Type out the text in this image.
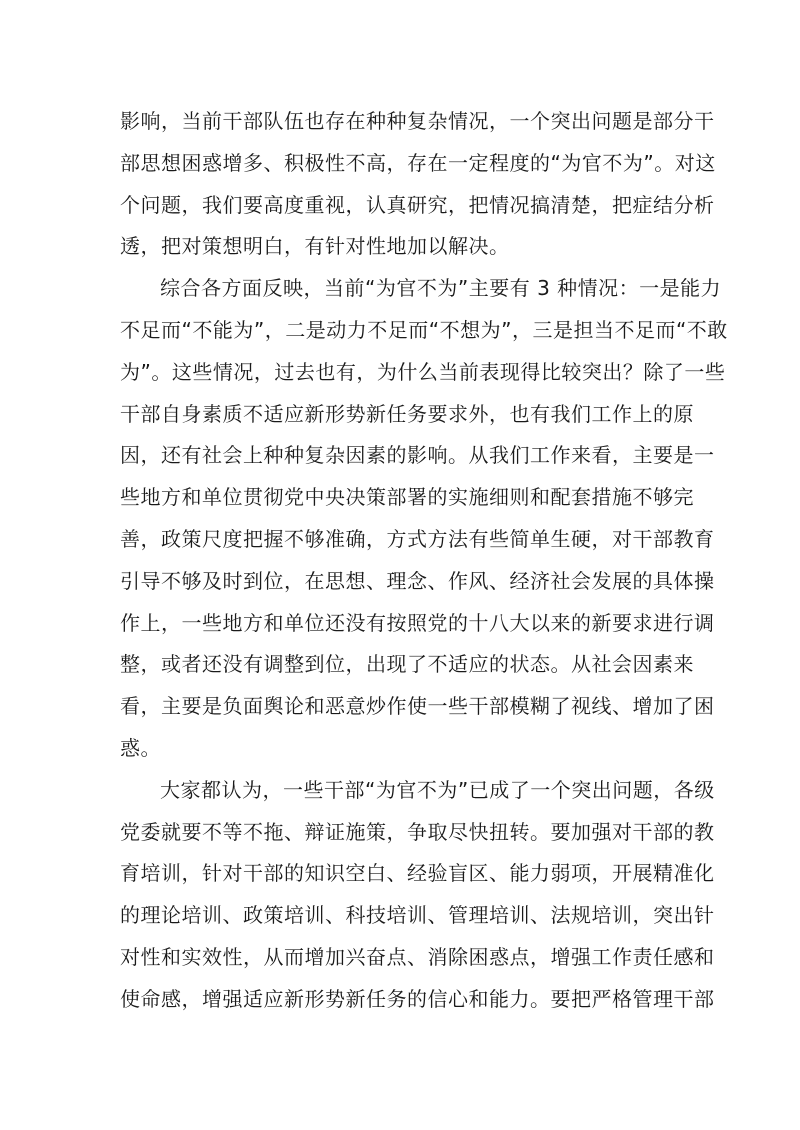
影响，当前干部队伍也存在种种复杂情况，一个突出问题是部分干
部思想困惑增多、积极性不高，存在一定程度的“为官不为”。对这
个问题，我们要高度重视，认真研究，把情况搞清楚，把症结分析
透，把对策想明白，有针对性地加以解决。
综合各方面反映，当前“为官不为”主要有 3 种情况：一是能力
不足而“不能为”，二是动力不足而“不想为”，三是担当不足而“不敢
为”。这些情况，过去也有，为什么当前表现得比较突出？除了一些
干部自身素质不适应新形势新任务要求外，也有我们工作上的原
因，还有社会上种种复杂因素的影响。从我们工作来看，主要是一
些地方和单位贯彻党中央决策部署的实施细则和配套措施不够完
善，政策尺度把握不够准确，方式方法有些简单生硬，对干部教育
引导不够及时到位，在思想、理念、作风、经济社会发展的具体操
作上，一些地方和单位还没有按照党的十八大以来的新要求进行调
整，或者还没有调整到位，出现了不适应的状态。从社会因素来
看，主要是负面舆论和恶意炒作使一些干部模糊了视线、增加了困
惑。
大家都认为，一些干部“为官不为”已成了一个突出问题，各级
党委就要不等不拖、辩证施策，争取尽快扭转。要加强对干部的教
育培训，针对干部的知识空白、经验盲区、能力弱项，开展精准化
的理论培训、政策培训、科技培训、管理培训、法规培训，突出针
对性和实效性，从而增加兴奋点、消除困惑点，增强工作责任感和
使命感，增强适应新形势新任务的信心和能力。要把严格管理干部
